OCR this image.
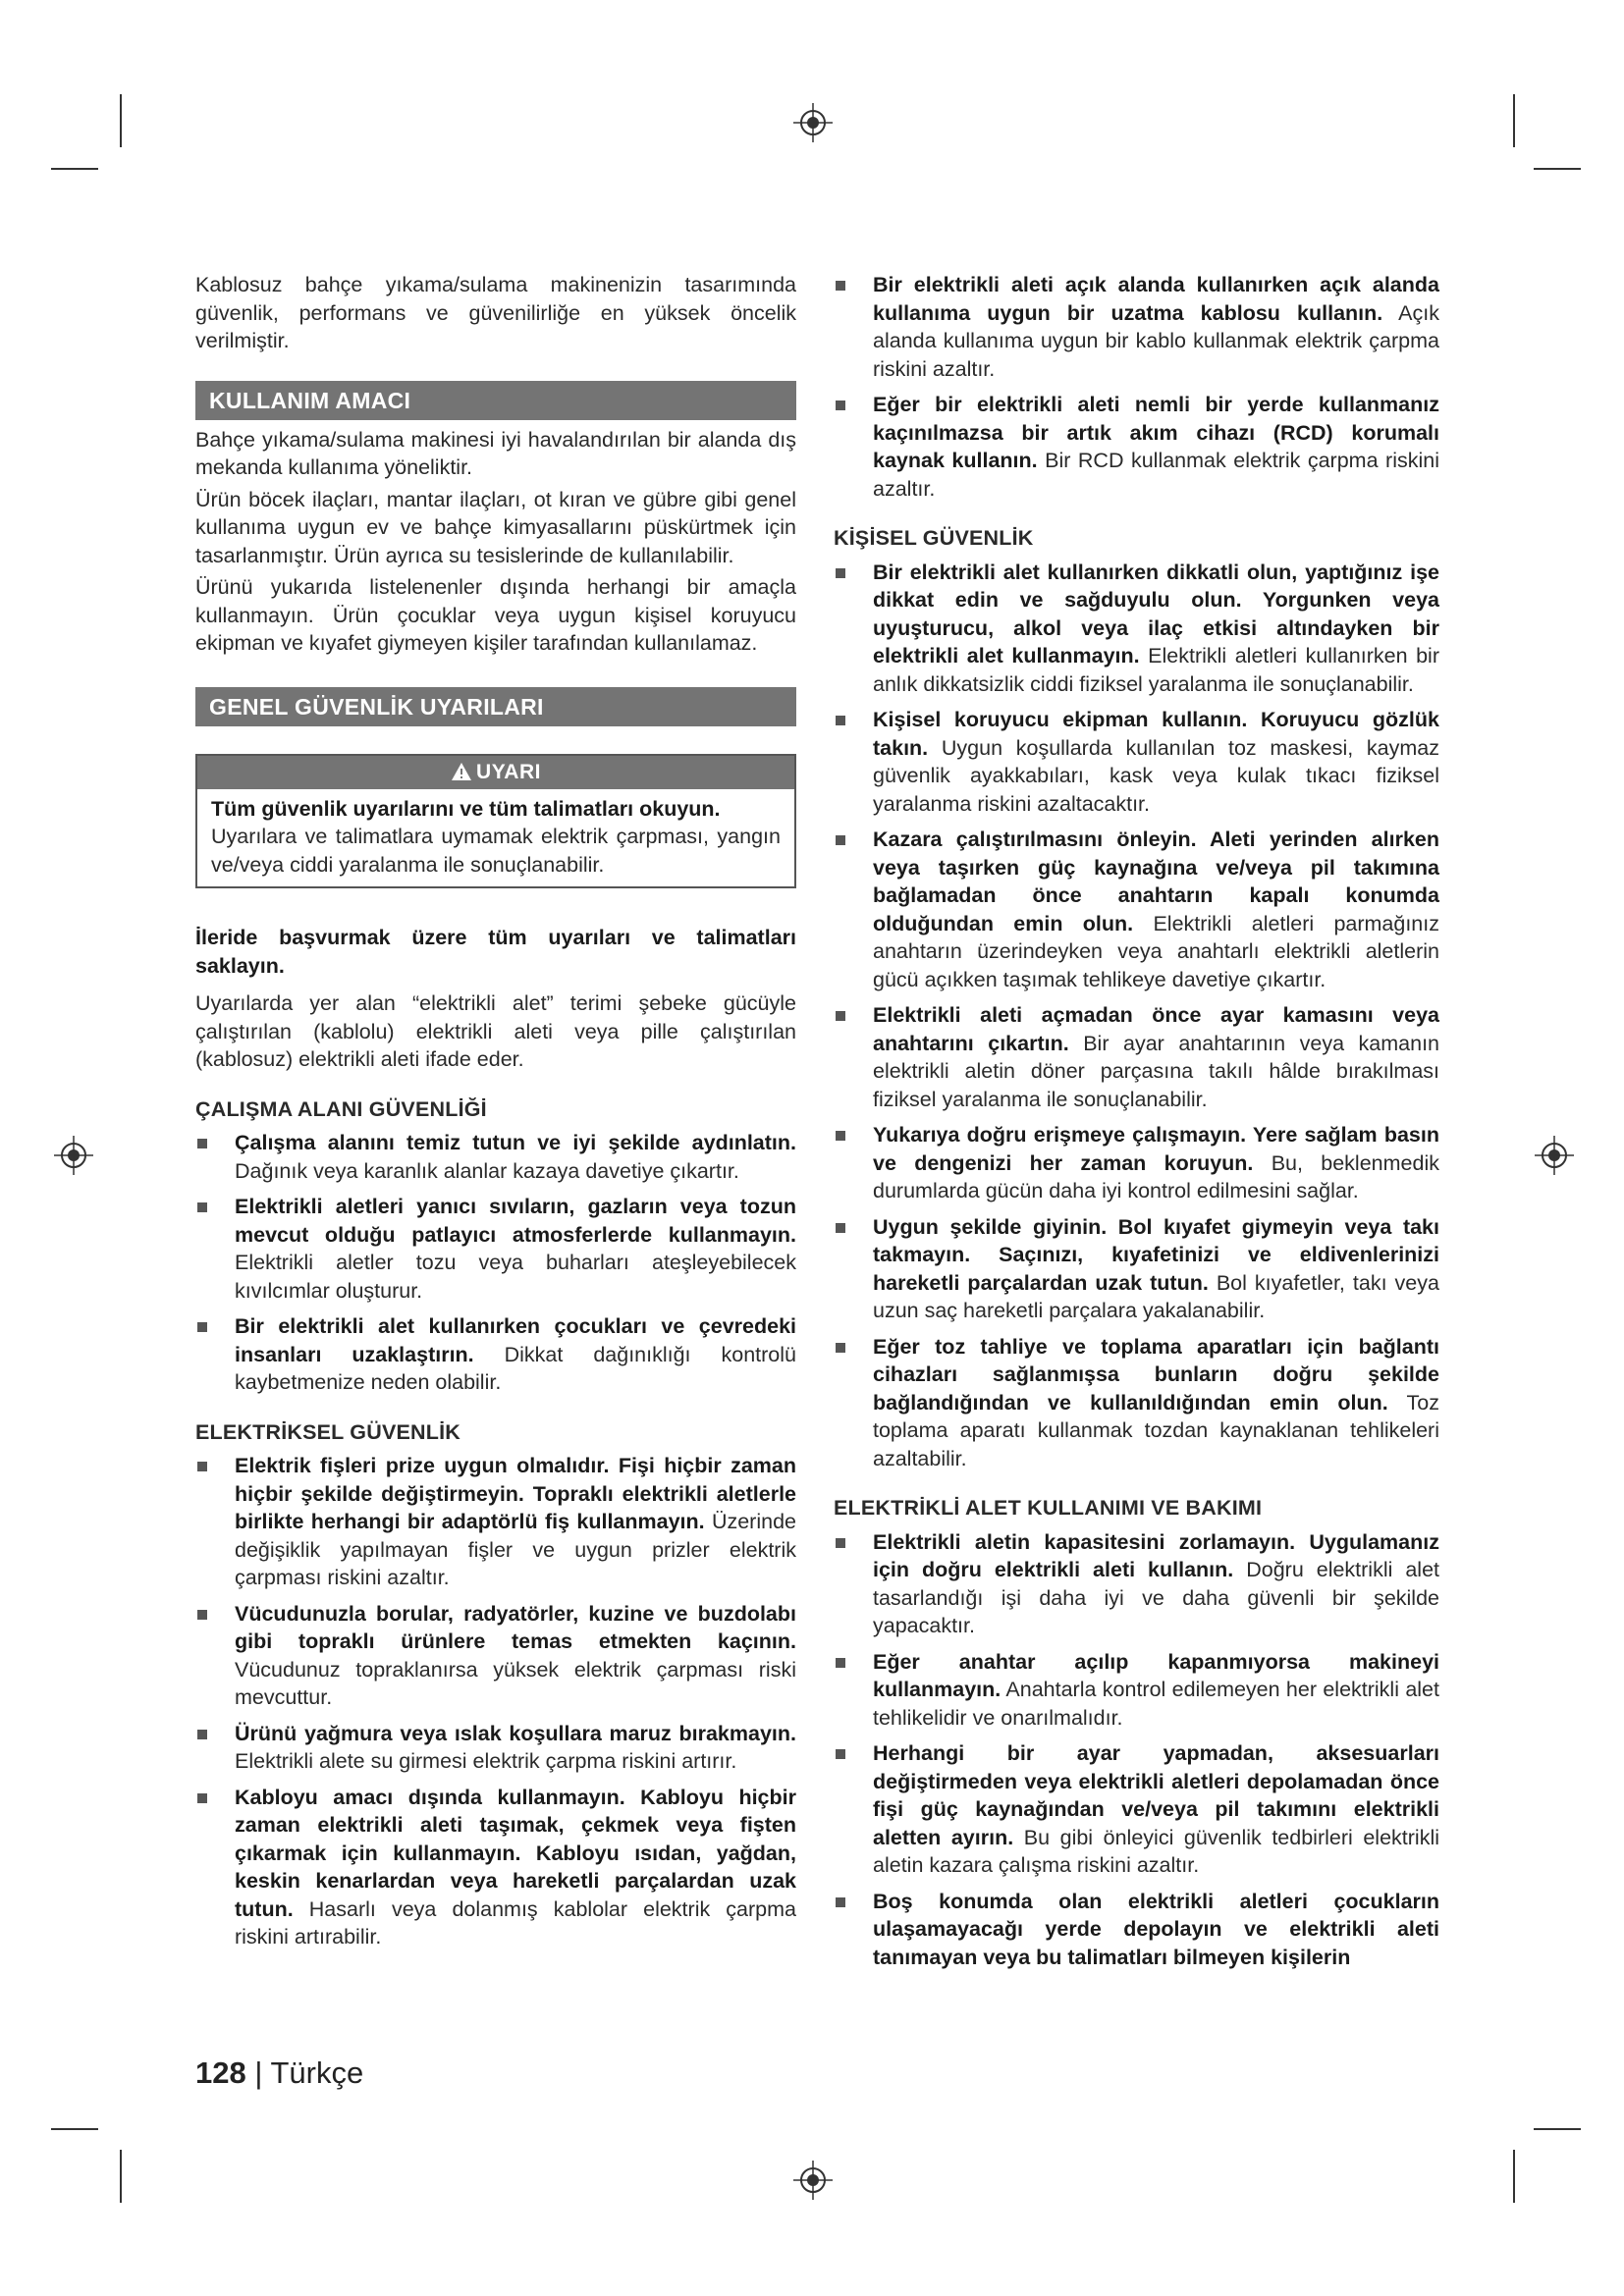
Kablosuz bahçe yıkama/sulama makinenizin tasarımında güvenlik, performans ve güvenilirliğe en yüksek öncelik verilmiştir.

KULLANIM AMACI

Bahçe yıkama/sulama makinesi iyi havalandırılan bir alanda dış mekanda kullanıma yöneliktir.

Ürün böcek ilaçları, mantar ilaçları, ot kıran ve gübre gibi genel kullanıma uygun ev ve bahçe kimyasallarını püskürtmek için tasarlanmıştır. Ürün ayrıca su tesislerinde de kullanılabilir.

Ürünü yukarıda listelenenler dışında herhangi bir amaçla kullanmayın. Ürün çocuklar veya uygun kişisel koruyucu ekipman ve kıyafet giymeyen kişiler tarafından kullanılamaz.

GENEL GÜVENLİK UYARILARI
UYARI

Tüm güvenlik uyarılarını ve tüm talimatları okuyun.

Uyarılara ve talimatlara uymamak elektrik çarpması, yangın ve/veya ciddi yaralanma ile sonuçlanabilir.

İleride başvurmak üzere tüm uyarıları ve talimatları saklayın.

Uyarılarda yer alan “elektrikli alet” terimi şebeke gücüyle çalıştırılan (kablolu) elektrikli aleti veya pille çalıştırılan (kablosuz) elektrikli aleti ifade eder.

ÇALIŞMA ALANI GÜVENLİĞİ
Çalışma alanını temiz tutun ve iyi şekilde aydınlatın. Dağınık veya karanlık alanlar kazaya davetiye çıkartır.
Elektrikli aletleri yanıcı sıvıların, gazların veya tozun mevcut olduğu patlayıcı atmosferlerde kullanmayın. Elektrikli aletler tozu veya buharları ateşleyebilecek kıvılcımlar oluşturur.
Bir elektrikli alet kullanırken çocukları ve çevredeki insanları uzaklaştırın. Dikkat dağınıklığı kontrolü kaybetmenize neden olabilir.
ELEKTRİKSEL GÜVENLİK
Elektrik fişleri prize uygun olmalıdır. Fişi hiçbir zaman hiçbir şekilde değiştirmeyin. Topraklı elektrikli aletlerle birlikte herhangi bir adaptörlü fiş kullanmayın. Üzerinde değişiklik yapılmayan fişler ve uygun prizler elektrik çarpması riskini azaltır.
Vücudunuzla borular, radyatörler, kuzine ve buzdolabı gibi topraklı ürünlere temas etmekten kaçının. Vücudunuz topraklanırsa yüksek elektrik çarpması riski mevcuttur.
Ürünü yağmura veya ıslak koşullara maruz bırakmayın. Elektrikli alete su girmesi elektrik çarpma riskini artırır.
Kabloyu amacı dışında kullanmayın. Kabloyu hiçbir zaman elektrikli aleti taşımak, çekmek veya fişten çıkarmak için kullanmayın. Kabloyu ısıdan, yağdan, keskin kenarlardan veya hareketli parçalardan uzak tutun. Hasarlı veya dolanmış kablolar elektrik çarpma riskini artırabilir.
Bir elektrikli aleti açık alanda kullanırken açık alanda kullanıma uygun bir uzatma kablosu kullanın. Açık alanda kullanıma uygun bir kablo kullanmak elektrik çarpma riskini azaltır.
Eğer bir elektrikli aleti nemli bir yerde kullanmanız kaçınılmazsa bir artık akım cihazı (RCD) korumalı kaynak kullanın. Bir RCD kullanmak elektrik çarpma riskini azaltır.
KİŞİSEL GÜVENLİK
Bir elektrikli alet kullanırken dikkatli olun, yaptığınız işe dikkat edin ve sağduyulu olun. Yorgunken veya uyuşturucu, alkol veya ilaç etkisi altındayken bir elektrikli alet kullanmayın. Elektrikli aletleri kullanırken bir anlık dikkatsizlik ciddi fiziksel yaralanma ile sonuçlanabilir.
Kişisel koruyucu ekipman kullanın. Koruyucu gözlük takın. Uygun koşullarda kullanılan toz maskesi, kaymaz güvenlik ayakkabıları, kask veya kulak tıkacı fiziksel yaralanma riskini azaltacaktır.
Kazara çalıştırılmasını önleyin. Aleti yerinden alırken veya taşırken güç kaynağına ve/veya pil takımına bağlamadan önce anahtarın kapalı konumda olduğundan emin olun. Elektrikli aletleri parmağınız anahtarın üzerindeyken veya anahtarlı elektrikli aletlerin gücü açıkken taşımak tehlikeye davetiye çıkartır.
Elektrikli aleti açmadan önce ayar kamasını veya anahtarını çıkartın. Bir ayar anahtarının veya kamanın elektrikli aletin döner parçasına takılı hâlde bırakılması fiziksel yaralanma ile sonuçlanabilir.
Yukarıya doğru erişmeye çalışmayın. Yere sağlam basın ve dengenizi her zaman koruyun. Bu, beklenmedik durumlarda gücün daha iyi kontrol edilmesini sağlar.
Uygun şekilde giyinin. Bol kıyafet giymeyin veya takı takmayın. Saçınızı, kıyafetinizi ve eldivenlerinizi hareketli parçalardan uzak tutun. Bol kıyafetler, takı veya uzun saç hareketli parçalara yakalanabilir.
Eğer toz tahliye ve toplama aparatları için bağlantı cihazları sağlanmışsa bunların doğru şekilde bağlandığından ve kullanıldığından emin olun. Toz toplama aparatı kullanmak tozdan kaynaklanan tehlikeleri azaltabilir.
ELEKTRİKLİ ALET KULLANIMI VE BAKIMI
Elektrikli aletin kapasitesini zorlamayın. Uygulamanız için doğru elektrikli aleti kullanın. Doğru elektrikli alet tasarlandığı işi daha iyi ve daha güvenli bir şekilde yapacaktır.
Eğer anahtar açılıp kapanmıyorsa makineyi kullanmayın. Anahtarla kontrol edilemeyen her elektrikli alet tehlikelidir ve onarılmalıdır.
Herhangi bir ayar yapmadan, aksesuarları değiştirmeden veya elektrikli aletleri depolamadan önce fişi güç kaynağından ve/veya pil takımını elektrikli aletten ayırın. Bu gibi önleyici güvenlik tedbirleri elektrikli aletin kazara çalışma riskini azaltır.
Boş konumda olan elektrikli aletleri çocukların ulaşamayacağı yerde depolayın ve elektrikli aleti tanımayan veya bu talimatları bilmeyen kişilerin
128 | Türkçe
